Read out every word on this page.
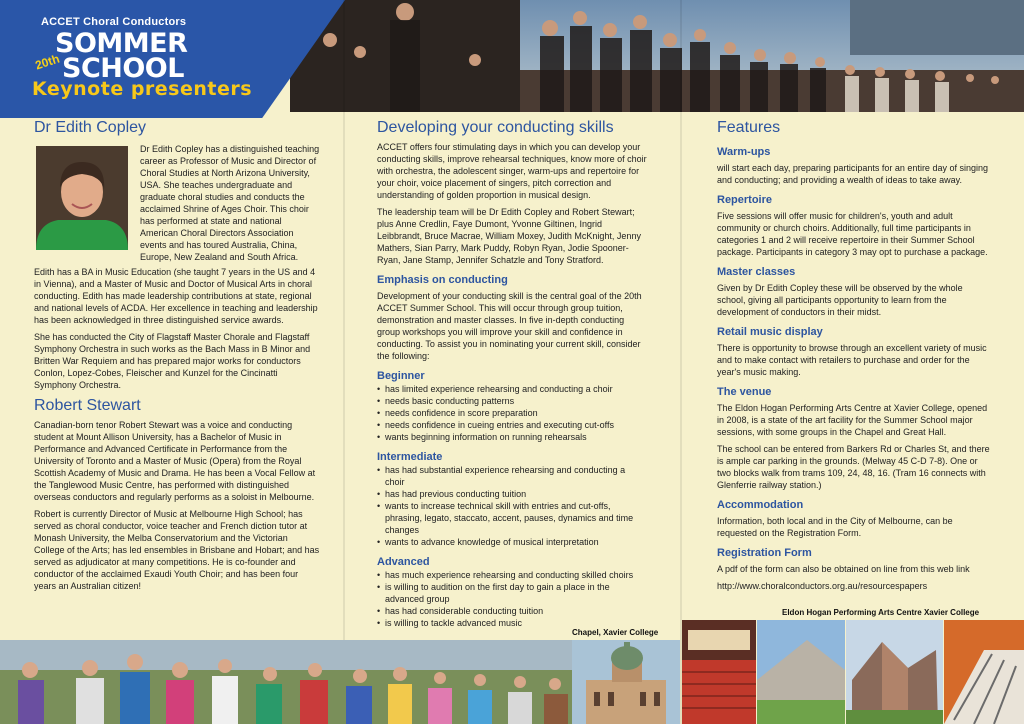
ACCET Choral Conductors
SOMMER
20th SCHOOL
Keynote presenters
Dr Edith Copley
Dr Edith Copley has a distinguished teaching career as Professor of Music and Director of Choral Studies at North Arizona University, USA. She teaches undergraduate and graduate choral studies and conducts the acclaimed Shrine of Ages Choir. This choir has performed at state and national American Choral Directors Association events and has toured Australia, China, Europe, New Zealand and South Africa.
Edith has a BA in Music Education (she taught 7 years in the US and 4 in Vienna), and a Master of Music and Doctor of Musical Arts in choral conducting. Edith has made leadership contributions at state, regional and national levels of ACDA. Her excellence in teaching and leadership has been acknowledged in three distinguished service awards.
She has conducted the City of Flagstaff Master Chorale and Flagstaff Symphony Orchestra in such works as the Bach Mass in B Minor and Britten War Requiem and has prepared major works for conductors Conlon, Lopez-Cobes, Fleischer and Kunzel for the Cincinatti Symphony Orchestra.
Robert Stewart
Canadian-born tenor Robert Stewart was a voice and conducting student at Mount Allison University, has a Bachelor of Music in Performance and Advanced Certificate in Performance from the University of Toronto and a Master of Music (Opera) from the Royal Scottish Academy of Music and Drama. He has been a Vocal Fellow at the Tanglewood Music Centre, has performed with distinguished overseas conductors and regularly performs as a soloist in Melbourne.
Robert is currently Director of Music at Melbourne High School; has served as choral conductor, voice teacher and French diction tutor at Monash University, the Melba Conservatorium and the Victorian College of the Arts; has led ensembles in Brisbane and Hobart; and has served as adjudicator at many competitions. He is co-founder and conductor of the acclaimed Exaudi Youth Choir; and has been four years an Australian citizen!
Developing your conducting skills
ACCET offers four stimulating days in which you can develop your conducting skills, improve rehearsal techniques, know more of choir with orchestra, the adolescent singer, warm-ups and repertoire for your choir, voice placement of singers, pitch correction and understanding of golden proportion in musical design.
The leadership team will be Dr Edith Copley and Robert Stewart; plus Anne Credlin, Faye Dumont, Yvonne Giltinen, Ingrid Leibbrandt, Bruce Macrae, William Moxey, Judith McKnight, Jenny Mathers, Sian Parry, Mark Puddy, Robyn Ryan, Jodie Spooner-Ryan, Jane Stamp, Jennifer Schatzle and Tony Stratford.
Emphasis on conducting
Development of your conducting skill is the central goal of the 20th ACCET Summer School. This will occur through group tuition, demonstration and master classes. In five in-depth conducting group workshops you will improve your skill and confidence in conducting. To assist you in nominating your current skill, consider the following:
Beginner
• has limited experience rehearsing and conducting a choir
• needs basic conducting patterns
• needs confidence in score preparation
• needs confidence in cueing entries and executing cut-offs
• wants beginning information on running rehearsals
Intermediate
• has had substantial experience rehearsing and conducting a choir
• has had previous conducting tuition
• wants to increase technical skill with entries and cut-offs, phrasing, legato, staccato, accent, pauses, dynamics and time changes
• wants to advance knowledge of musical interpretation
Advanced
• has much experience rehearsing and conducting skilled choirs
• is willing to audition on the first day to gain a place in the advanced group
• has had considerable conducting tuition
• is willing to tackle advanced music
Chapel, Xavier College
Features
Warm-ups
will start each day, preparing participants for an entire day of singing and conducting; and providing a wealth of ideas to take away.
Repertoire
Five sessions will offer music for children's, youth and adult community or church choirs. Additionally, full time participants in categories 1 and 2 will receive repertoire in their Summer School package. Participants in category 3 may opt to purchase a package.
Master classes
Given by Dr Edith Copley these will be observed by the whole school, giving all participants opportunity to learn from the development of conductors in their midst.
Retail music display
There is opportunity to browse through an excellent variety of music and to make contact with retailers to purchase and order for the year's music making.
The venue
The Eldon Hogan Performing Arts Centre at Xavier College, opened in 2008, is a state of the art facility for the Summer School major sessions, with some groups in the Chapel and Great Hall.
The school can be entered from Barkers Rd or Charles St, and there is ample car parking in the grounds. (Melway 45 C-D 7-8). One or two blocks walk from trams 109, 24, 48, 16. (Tram 16 connects with Glenferrie railway station.)
Accommodation
Information, both local and in the City of Melbourne, can be requested on the Registration Form.
Registration Form
A pdf of the form can also be obtained on line from this web link
http://www.choralconductors.org.au/resourcespapers
Eldon Hogan Performing Arts Centre Xavier College
